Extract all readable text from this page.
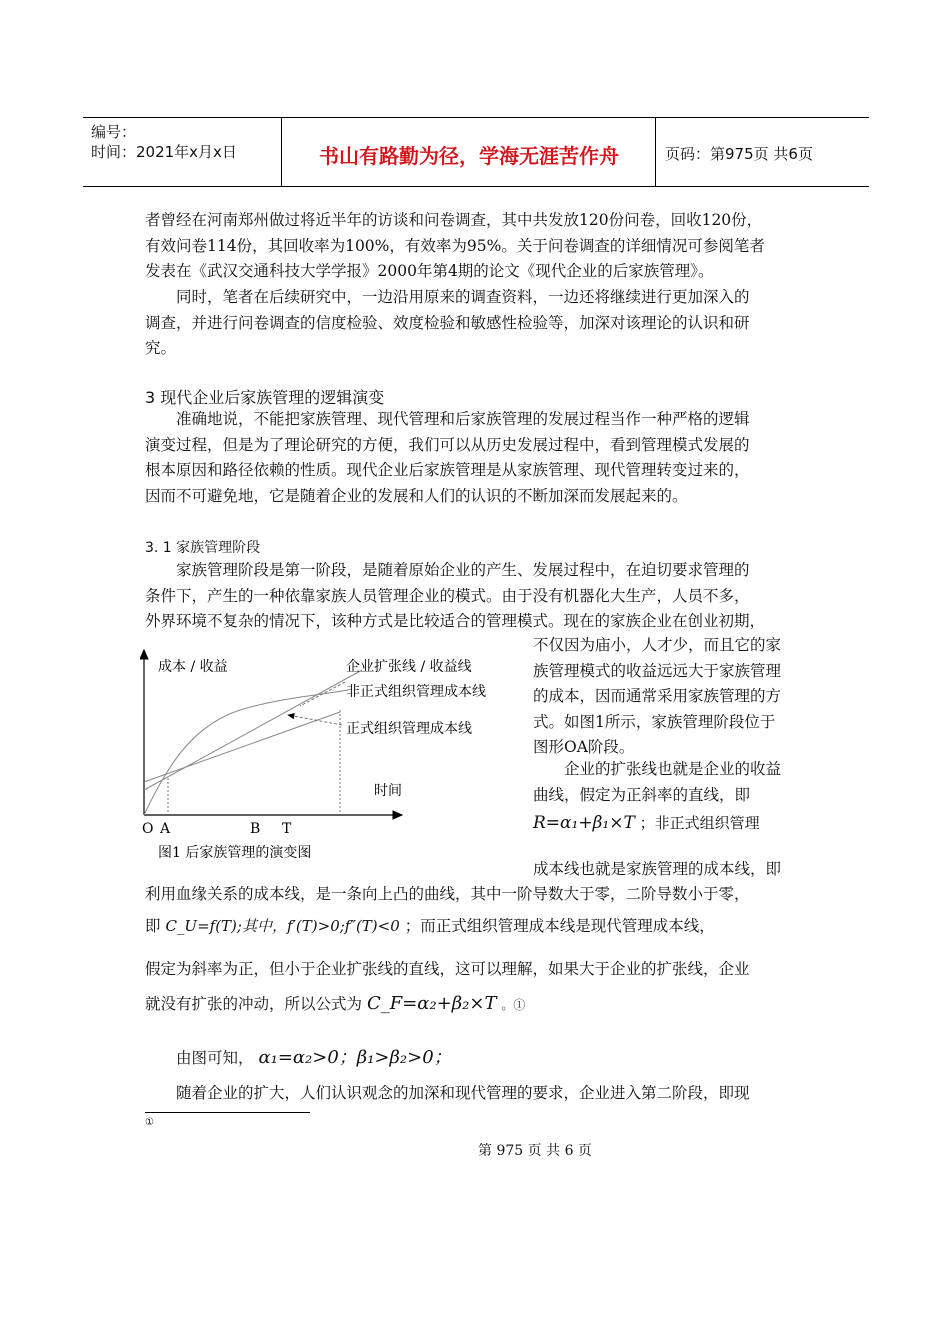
编号：
时间：2021年x月x日	书山有路勤为径，学海无涯苦作舟	页码：第975页 共6页
者曾经在河南郑州做过将近半年的访谈和问卷调查，其中共发放120份问卷，回收120份，
有效问卷114份，其回收率为100%，有效率为95%。关于问卷调查的详细情况可参阅笔者
发表在《武汉交通科技大学学报》2000年第4期的论文《现代企业的后家族管理》。
　　同时，笔者在后续研究中，一边沿用原来的调查资料，一边还将继续进行更加深入的
调查，并进行问卷调查的信度检验、效度检验和敏感性检验等，加深对该理论的认识和研
究。
3 现代企业后家族管理的逻辑演变
　　准确地说，不能把家族管理、现代管理和后家族管理的发展过程当作一种严格的逻辑
演变过程，但是为了理论研究的方便，我们可以从历史发展过程中，看到管理模式发展的
根本原因和路径依赖的性质。现代企业后家族管理是从家族管理、现代管理转变过来的，
因而不可避免地，它是随着企业的发展和人们的认识的不断加深而发展起来的。
3. 1 家族管理阶段
　　家族管理阶段是第一阶段，是随着原始企业的产生、发展过程中，在迫切要求管理的
条件下，产生的一种依靠家族人员管理企业的模式。由于没有机器化大生产，人员不多，
外界环境不复杂的情况下，该种方式是比较适合的管理模式。现在的家族企业在创业初期，
不仅因为庙小，人才少，而且它的家
族管理模式的收益远远大于家族管理
的成本，因而通常采用家族管理的方
式。如图1所示，家族管理阶段位于
图形OA阶段。
　　企业的扩张线也就是企业的收益
曲线，假定为正斜率的直线，即
R=α₁+β₁×T ；非正式组织管理
成本线也就是家族管理的成本线，即
成本 / 收益	企业扩张线 / 收益线
非正式组织管理成本线
正式组织管理成本线
时间
O A	B T
图1 后家族管理的演变图
利用血缘关系的成本线，是一条向上凸的曲线，其中一阶导数大于零，二阶导数小于零，
即 C_U=f(T);其中，f′(T)>0;f″(T)<0 ；而正式组织管理成本线是现代管理成本线，
假定为斜率为正，但小于企业扩张线的直线，这可以理解，如果大于企业的扩张线，企业
就没有扩张的冲动，所以公式为 C_F=α₂+β₂×T 。①
　　由图可知， α₁=α₂>0；β₁>β₂>0；
　　随着企业的扩大，人们认识观念的加深和现代管理的要求，企业进入第二阶段，即现
①
第 975 页 共 6 页
